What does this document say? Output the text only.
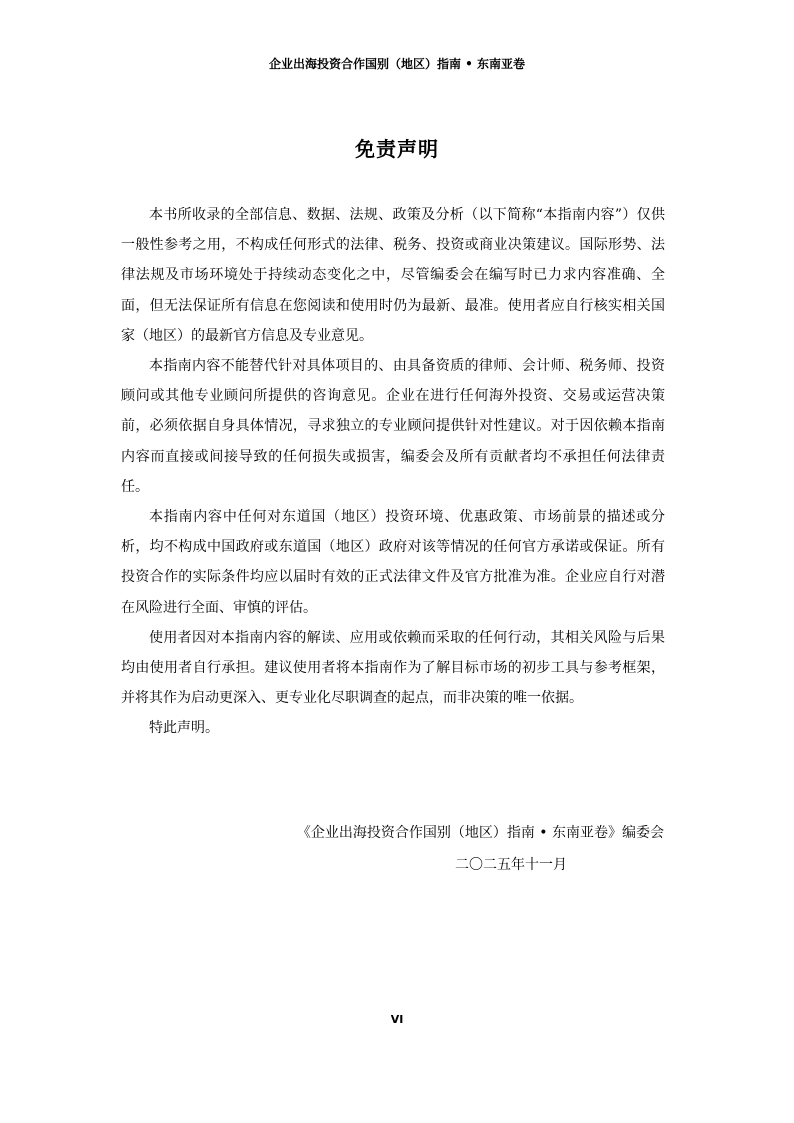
企业出海投资合作国别（地区）指南 • 东南亚卷
免责声明

本书所收录的全部信息、数据、法规、政策及分析（以下简称“本指南内容”）仅供一般性参考之用，不构成任何形式的法律、税务、投资或商业决策建议。国际形势、法律法规及市场环境处于持续动态变化之中，尽管编委会在编写时已力求内容准确、全面，但无法保证所有信息在您阅读和使用时仍为最新、最准。使用者应自行核实相关国家（地区）的最新官方信息及专业意见。

本指南内容不能替代针对具体项目的、由具备资质的律师、会计师、税务师、投资顾问或其他专业顾问所提供的咨询意见。企业在进行任何海外投资、交易或运营决策前，必须依据自身具体情况，寻求独立的专业顾问提供针对性建议。对于因依赖本指南内容而直接或间接导致的任何损失或损害，编委会及所有贡献者均不承担任何法律责任。

本指南内容中任何对东道国（地区）投资环境、优惠政策、市场前景的描述或分析，均不构成中国政府或东道国（地区）政府对该等情况的任何官方承诺或保证。所有投资合作的实际条件均应以届时有效的正式法律文件及官方批准为准。企业应自行对潜在风险进行全面、审慎的评估。

使用者因对本指南内容的解读、应用或依赖而采取的任何行动，其相关风险与后果均由使用者自行承担。建议使用者将本指南作为了解目标市场的初步工具与参考框架，并将其作为启动更深入、更专业化尽职调查的起点，而非决策的唯一依据。

特此声明。

《企业出海投资合作国别（地区）指南 • 东南亚卷》编委会
二〇二五年十一月
VI
